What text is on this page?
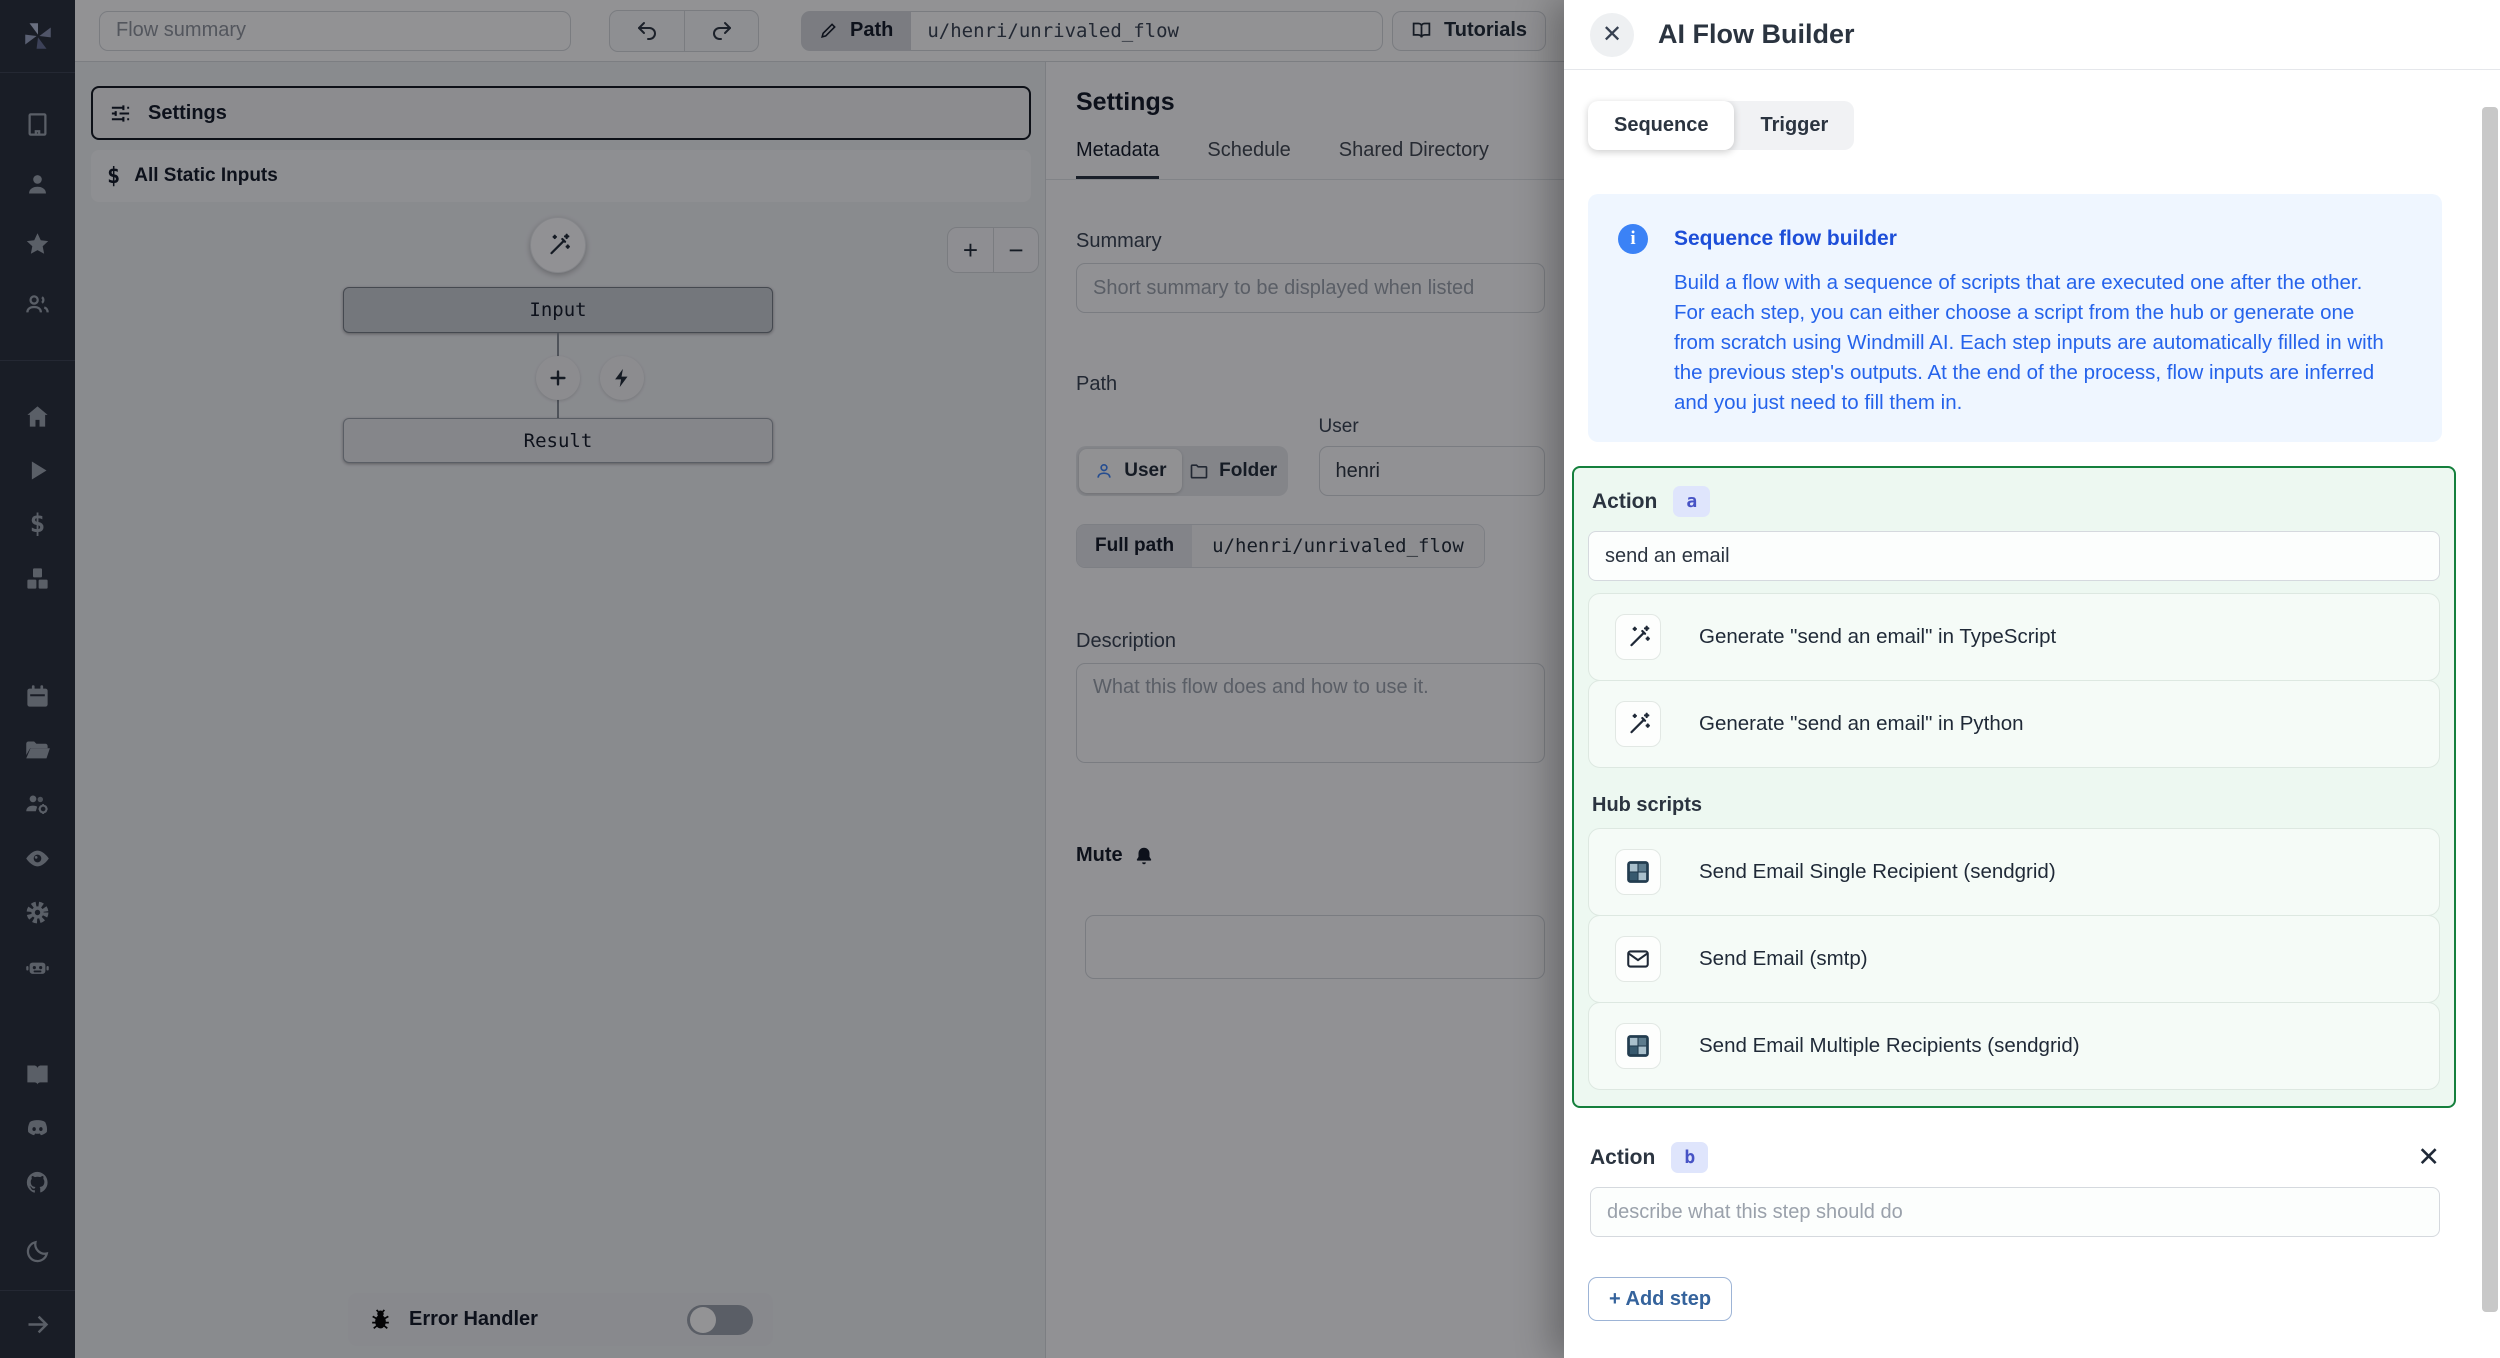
$
Flow summary
Path
u/henri/unrivaled_flow	Tutorials
Settings
$ All Static Inputs
+	−
Input
Result
Error Handler
Settings
Metadata Schedule Shared Directory
Summary
Short summary to be displayed when listed
Path
User	Folder
User
henri
Full path	u/henri/unrivaled_flow
Description
What this flow does and how to use it.
Mute
✕ AI Flow Builder
Sequence	Trigger
i	Sequence flow builder

Build a flow with a sequence of scripts that are executed one after the other. For each step, you can either choose a script from the hub or generate one from scratch using Windmill AI. Each step inputs are automatically filled in with the previous step's outputs. At the end of the process, flow inputs are inferred and you just need to fill them in.

Action	a
send an email
Generate "send an email" in TypeScript
Generate "send an email" in Python
Hub scripts
Send Email Single Recipient (sendgrid)
Send Email (smtp)
Send Email Multiple Recipients (sendgrid)
Action	b	✕
describe what this step should do
+ Add step
